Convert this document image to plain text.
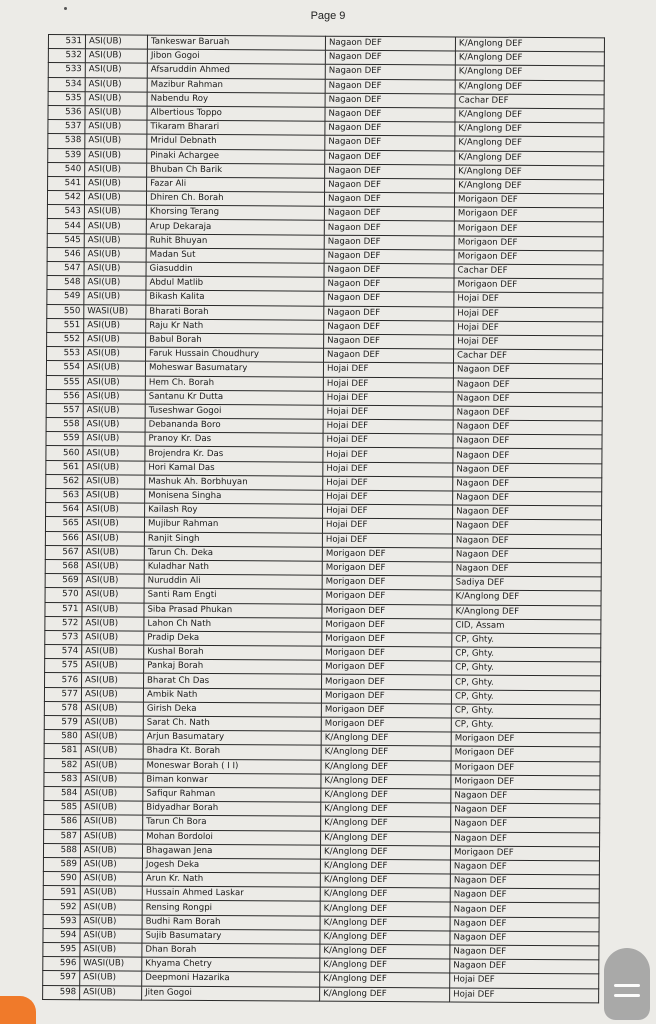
Page 9
531	ASI(UB)	Tankeswar Baruah	Nagaon DEF	K/Anglong DEF
532	ASI(UB)	Jibon Gogoi	Nagaon DEF	K/Anglong DEF
533	ASI(UB)	Afsaruddin Ahmed	Nagaon DEF	K/Anglong DEF
534	ASI(UB)	Mazibur Rahman	Nagaon DEF	K/Anglong DEF
535	ASI(UB)	Nabendu Roy	Nagaon DEF	Cachar DEF
536	ASI(UB)	Albertious Toppo	Nagaon DEF	K/Anglong DEF
537	ASI(UB)	Tikaram Bharari	Nagaon DEF	K/Anglong DEF
538	ASI(UB)	Mridul Debnath	Nagaon DEF	K/Anglong DEF
539	ASI(UB)	Pinaki Achargee	Nagaon DEF	K/Anglong DEF
540	ASI(UB)	Bhuban Ch Barik	Nagaon DEF	K/Anglong DEF
541	ASI(UB)	Fazar Ali	Nagaon DEF	K/Anglong DEF
542	ASI(UB)	Dhiren Ch. Borah	Nagaon DEF	Morigaon DEF
543	ASI(UB)	Khorsing Terang	Nagaon DEF	Morigaon DEF
544	ASI(UB)	Arup Dekaraja	Nagaon DEF	Morigaon DEF
545	ASI(UB)	Ruhit Bhuyan	Nagaon DEF	Morigaon DEF
546	ASI(UB)	Madan Sut	Nagaon DEF	Morigaon DEF
547	ASI(UB)	Giasuddin	Nagaon DEF	Cachar DEF
548	ASI(UB)	Abdul Matlib	Nagaon DEF	Morigaon DEF
549	ASI(UB)	Bikash Kalita	Nagaon DEF	Hojai DEF
550	WASI(UB)	Bharati Borah	Nagaon DEF	Hojai DEF
551	ASI(UB)	Raju Kr Nath	Nagaon DEF	Hojai DEF
552	ASI(UB)	Babul Borah	Nagaon DEF	Hojai DEF
553	ASI(UB)	Faruk Hussain Choudhury	Nagaon DEF	Cachar DEF
554	ASI(UB)	Moheswar Basumatary	Hojai DEF	Nagaon DEF
555	ASI(UB)	Hem Ch. Borah	Hojai DEF	Nagaon DEF
556	ASI(UB)	Santanu Kr Dutta	Hojai DEF	Nagaon DEF
557	ASI(UB)	Tuseshwar Gogoi	Hojai DEF	Nagaon DEF
558	ASI(UB)	Debananda Boro	Hojai DEF	Nagaon DEF
559	ASI(UB)	Pranoy Kr. Das	Hojai DEF	Nagaon DEF
560	ASI(UB)	Brojendra Kr. Das	Hojai DEF	Nagaon DEF
561	ASI(UB)	Hori Kamal Das	Hojai DEF	Nagaon DEF
562	ASI(UB)	Mashuk Ah. Borbhuyan	Hojai DEF	Nagaon DEF
563	ASI(UB)	Monisena Singha	Hojai DEF	Nagaon DEF
564	ASI(UB)	Kailash Roy	Hojai DEF	Nagaon DEF
565	ASI(UB)	Mujibur Rahman	Hojai DEF	Nagaon DEF
566	ASI(UB)	Ranjit Singh	Hojai DEF	Nagaon DEF
567	ASI(UB)	Tarun Ch. Deka	Morigaon DEF	Nagaon DEF
568	ASI(UB)	Kuladhar Nath	Morigaon DEF	Nagaon DEF
569	ASI(UB)	Nuruddin Ali	Morigaon DEF	Sadiya DEF
570	ASI(UB)	Santi Ram Engti	Morigaon DEF	K/Anglong DEF
571	ASI(UB)	Siba Prasad Phukan	Morigaon DEF	K/Anglong DEF
572	ASI(UB)	Lahon Ch Nath	Morigaon DEF	CID, Assam
573	ASI(UB)	Pradip Deka	Morigaon DEF	CP, Ghty.
574	ASI(UB)	Kushal Borah	Morigaon DEF	CP, Ghty.
575	ASI(UB)	Pankaj Borah	Morigaon DEF	CP, Ghty.
576	ASI(UB)	Bharat Ch Das	Morigaon DEF	CP, Ghty.
577	ASI(UB)	Ambik Nath	Morigaon DEF	CP, Ghty.
578	ASI(UB)	Girish Deka	Morigaon DEF	CP, Ghty.
579	ASI(UB)	Sarat Ch. Nath	Morigaon DEF	CP, Ghty.
580	ASI(UB)	Arjun Basumatary	K/Anglong DEF	Morigaon DEF
581	ASI(UB)	Bhadra Kt. Borah	K/Anglong DEF	Morigaon DEF
582	ASI(UB)	Moneswar Borah ( I I)	K/Anglong DEF	Morigaon DEF
583	ASI(UB)	Biman konwar	K/Anglong DEF	Morigaon DEF
584	ASI(UB)	Safiqur Rahman	K/Anglong DEF	Nagaon DEF
585	ASI(UB)	Bidyadhar Borah	K/Anglong DEF	Nagaon DEF
586	ASI(UB)	Tarun Ch Bora	K/Anglong DEF	Nagaon DEF
587	ASI(UB)	Mohan Bordoloi	K/Anglong DEF	Nagaon DEF
588	ASI(UB)	Bhagawan Jena	K/Anglong DEF	Morigaon DEF
589	ASI(UB)	Jogesh Deka	K/Anglong DEF	Nagaon DEF
590	ASI(UB)	Arun Kr. Nath	K/Anglong DEF	Nagaon DEF
591	ASI(UB)	Hussain Ahmed Laskar	K/Anglong DEF	Nagaon DEF
592	ASI(UB)	Rensing Rongpi	K/Anglong DEF	Nagaon DEF
593	ASI(UB)	Budhi Ram Borah	K/Anglong DEF	Nagaon DEF
594	ASI(UB)	Sujib Basumatary	K/Anglong DEF	Nagaon DEF
595	ASI(UB)	Dhan Borah	K/Anglong DEF	Nagaon DEF
596	WASI(UB)	Khyama Chetry	K/Anglong DEF	Nagaon DEF
597	ASI(UB)	Deepmoni Hazarika	K/Anglong DEF	Hojai DEF
598	ASI(UB)	Jiten Gogoi	K/Anglong DEF	Hojai DEF
